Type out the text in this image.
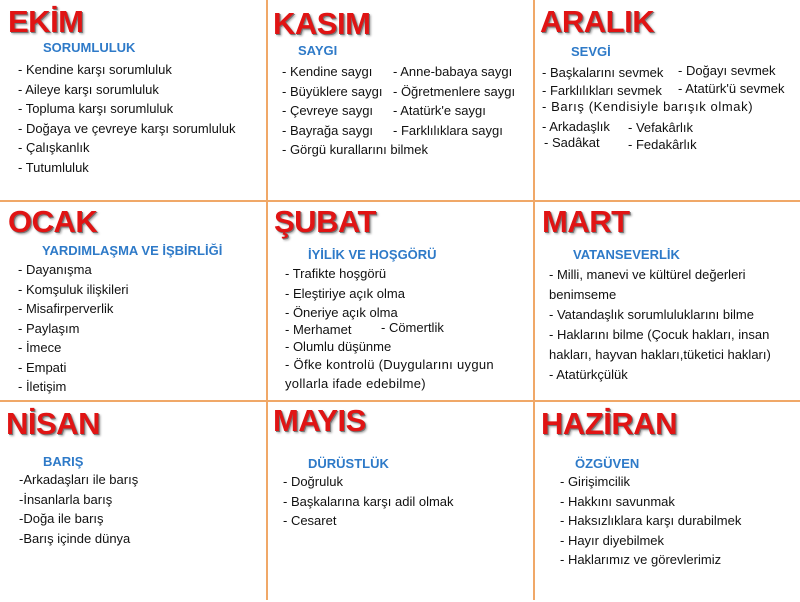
EKİM
SORUMLULUK
- Kendine karşı sorumluluk
- Aileye karşı sorumluluk
- Topluma karşı sorumluluk
- Doğaya ve çevreye karşı sorumluluk
- Çalışkanlık
- Tutumluluk
KASIM
SAYGI
- Kendine saygı
- Büyüklere saygı
- Çevreye saygı
- Bayrağa saygı
- Anne-babaya saygı
- Öğretmenlere saygı
- Atatürk'e saygı
- Farklılıklara saygı
- Görgü kurallarını bilmek
ARALIK
SEVGİ
- Başkalarını sevmek - Doğayı sevmek
- Farklılıkları sevmek - Atatürk'ü sevmek
- Barış (Kendisiyle barışık olmak)
- Arkadaşlık - Vefakârlık
- Sadâkat - Fedakârlık
OCAK
YARDIMLAŞMA VE İŞBİRLİĞİ
- Dayanışma
- Komşuluk ilişkileri
- Misafirperverlik
- Paylaşım
- İmece
- Empati
- İletişim
ŞUBAT
İYİLİK VE HOŞGÖRÜ
- Trafikte hoşgörü
- Eleştiriye açık olma
- Öneriye açık olma
- Merhamet - Cömertlik
- Olumlu düşünme
- Öfke kontrolü (Duygularını uygun yollarla ifade edebilme)
MART
VATANSEVERLİK
- Milli, manevi ve kültürel değerleri benimseme
- Vatandaşlık sorumluluklarını bilme
- Haklarını bilme (Çocuk hakları, insan hakları, hayvan hakları,tüketici hakları)
- Atatürkçülük
NİSAN
BARIŞ
-Arkadaşları ile barış
-İnsanlarla barış
-Doğa ile barış
-Barış içinde dünya
MAYIS
DÜRÜSTLÜK
- Doğruluk
- Başkalarına karşı adil olmak
- Cesaret
HAZİRAN
ÖZGÜVEN
- Girişimcilik
- Hakkını savunmak
- Haksızlıklara karşı durabilmek
- Hayır diyebilmek
- Haklarımız ve görevlerimiz
